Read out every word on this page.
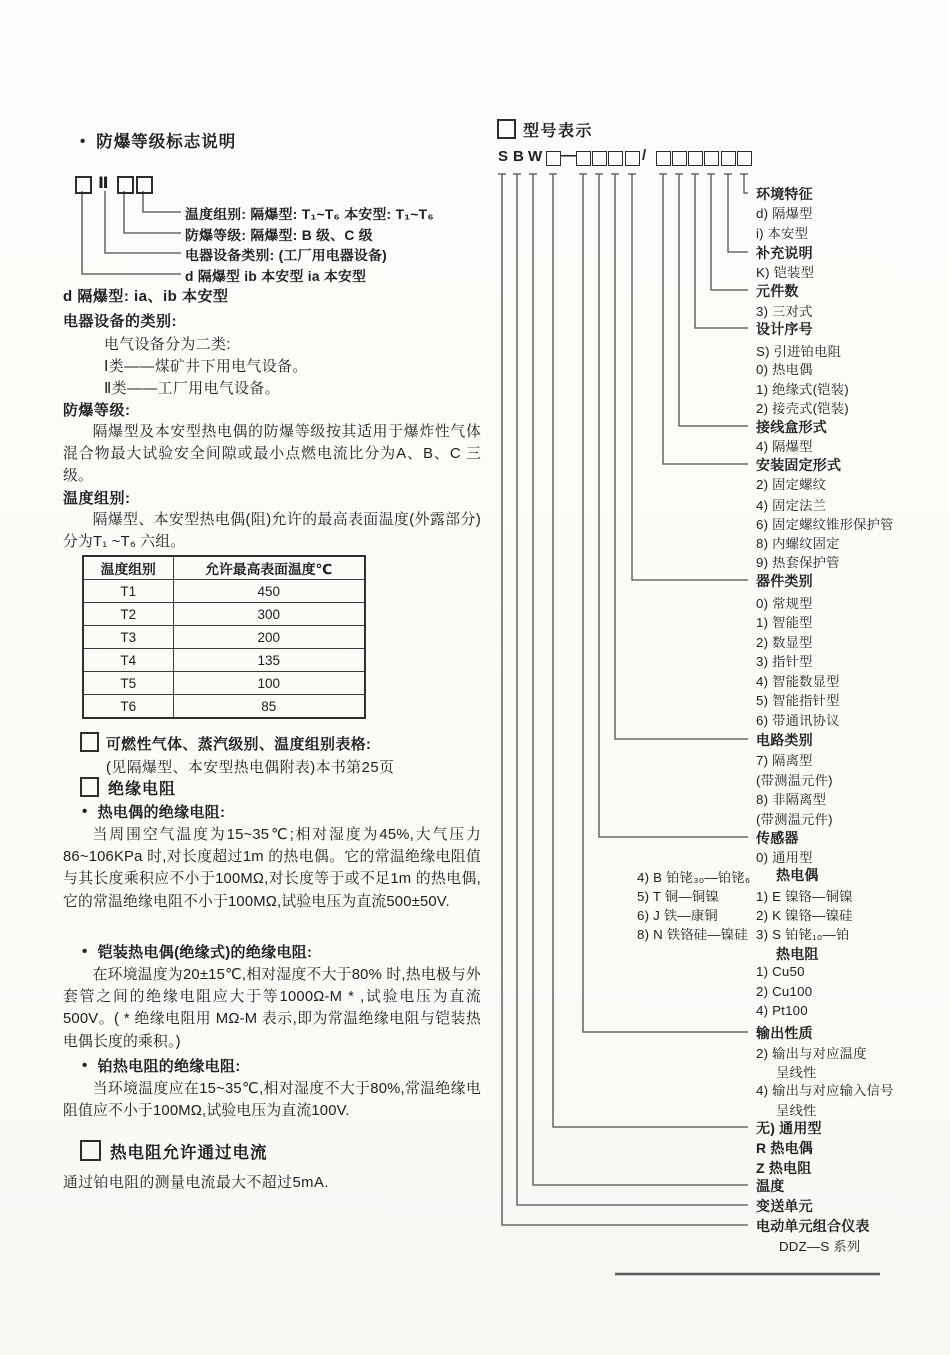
• 防爆等级标志说明
Ⅱ
温度组别: 隔爆型: T₁~T₆ 本安型: T₁~T₆
防爆等级: 隔爆型: B 级、C 级
电器设备类别: (工厂用电器设备)
d 隔爆型 ib 本安型 ia 本安型
d 隔爆型: ia、ib 本安型
电器设备的类别:
电气设备分为二类:
Ⅰ类——煤矿井下用电气设备。
Ⅱ类——工厂用电气设备。
防爆等级:
隔爆型及本安型热电偶的防爆等级按其适用于爆炸性气体混合物最大试验安全间隙或最小点燃电流比分为A、B、C 三级。
温度组别:
隔爆型、本安型热电偶(阻)允许的最高表面温度(外露部分)分为T₁ ~T₆ 六组。
温度组别	允许最高表面温度℃
T1	450
T2	300
T3	200
T4	135
T5	100
T6	85
可燃性气体、蒸汽级别、温度组别表格:
(见隔爆型、本安型热电偶附表)本书第25页
绝缘电阻
• 热电偶的绝缘电阻:
当周围空气温度为15~35℃;相对湿度为45%,大气压力86~106KPa 时,对长度超过1m 的热电偶。它的常温绝缘电阻值与其长度乘积应不小于100MΩ,对长度等于或不足1m 的热电偶,它的常温绝缘电阻不小于100MΩ,试验电压为直流500±50V.
• 铠装热电偶(绝缘式)的绝缘电阻:
在环境温度为20±15℃,相对湿度不大于80% 时,热电极与外套管之间的绝缘电阻应大于等1000Ω-M * ,试验电压为直流500V。( * 绝缘电阻用 MΩ-M 表示,即为常温绝缘电阻与铠装热电偶长度的乘积。)
• 铂热电阻的绝缘电阻:
当环境温度应在15~35℃,相对湿度不大于80%,常温绝缘电阻值应不小于100MΩ,试验电压为直流100V.
热电阻允许通过电流
通过铂电阻的测量电流最大不超过5mA.
型号表示
S B W —	/
环境特征
d) 隔爆型
i) 本安型
补充说明
K) 铠装型
元件数
3) 三对式
设计序号
S) 引进铂电阻
0) 热电偶
1) 绝缘式(铠装)
2) 接壳式(铠装)
接线盒形式
4) 隔爆型
安装固定形式
2) 固定螺纹
4) 固定法兰
6) 固定螺纹锥形保护管
8) 内螺纹固定
9) 热套保护管
器件类别
0) 常规型
1) 智能型
2) 数显型
3) 指针型
4) 智能数显型
5) 智能指针型
6) 带通讯协议
电路类别
7) 隔离型
(带测温元件)
8) 非隔离型
(带测温元件)
传感器
0) 通用型
热电偶
1) E 镍铬—铜镍
2) K 镍铬—镍硅
3) S 铂铑₁₀—铂
热电阻
1) Cu50
2) Cu100
4) Pt100
输出性质
2) 输出与对应温度
呈线性
4) 输出与对应输入信号
呈线性
无) 通用型
R 热电偶
Z 热电阻
温度
变送单元
电动单元组合仪表
DDZ—S 系列
4) B 铂铑₃₀—铂铑₆
5) T 铜—铜镍
6) J 铁—康铜
8) N 铁铬硅—镍硅
